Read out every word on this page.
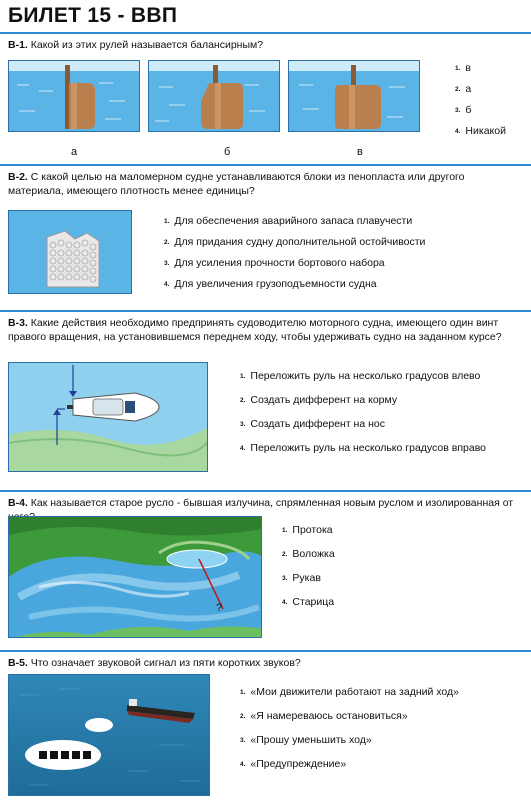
БИЛЕТ 15 - ВВП
В-1. Какой из этих рулей называется балансирным?
а	б	в
$^{1.}$ в
$^{2.}$ а
$^{3.}$ б
$^{4.}$ Никакой
В-2. С какой целью на маломерном судне устанавливаются блоки из пенопласта или другого материала, имеющего плотность менее единицы?
$^{1.}$ Для обеспечения аварийного запаса плавучести
$^{2.}$ Для придания судну дополнительной остойчивости
$^{3.}$ Для усиления прочности бортового набора
$^{4.}$ Для увеличения грузоподъемности судна
В-3. Какие действия необходимо предпринять судоводителю моторного судна, имеющего один винт правого вращения, на установившемся переднем ходу, чтобы удерживать судно на заданном курсе?
$^{1.}$ Переложить руль на несколько градусов влево
$^{2.}$ Создать дифферент на корму
$^{3.}$ Создать дифферент на нос
$^{4.}$ Переложить руль на несколько градусов вправо
В-4. Как называется старое русло - бывшая излучина, спрямленная новым руслом и изолированная от
?
$^{1.}$ Протока
$^{2.}$ Воложка
$^{3.}$ Рукав
$^{4.}$ Старица
В-5. Что означает звуковой сигнал из пяти коротких звуков?
$^{1.}$ «Мои движители работают на задний ход»
$^{2.}$ «Я намереваюсь остановиться»
$^{3.}$ «Прошу уменьшить ход»
$^{4.}$ «Предупреждение»
